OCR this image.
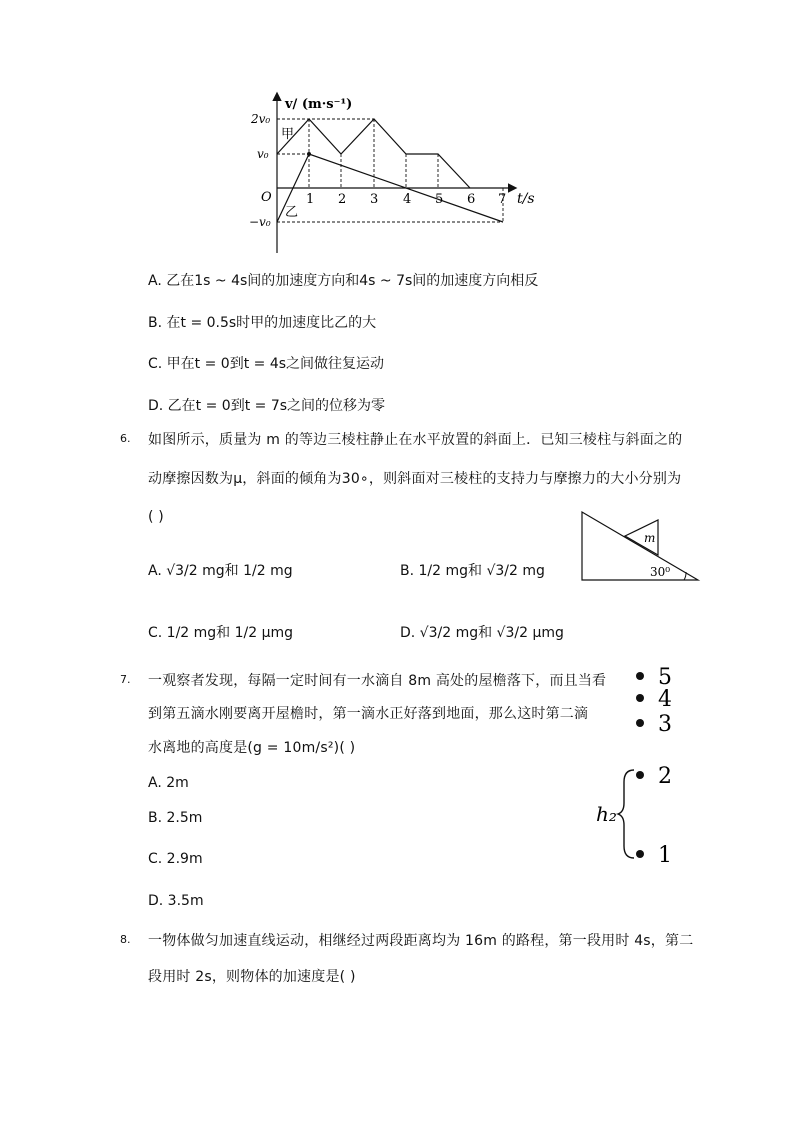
v/ (m·s⁻¹)
t/s
2v₀
v₀
O
−v₀
1 2 3 4 5 6 7
甲
乙
A. 乙在1s ~ 4s间的加速度方向和4s ~ 7s间的加速度方向相反
B. 在t = 0.5s时甲的加速度比乙的大
C. 甲在t = 0到t = 4s之间做往复运动
D. 乙在t = 0到t = 7s之间的位移为零
6. 如图所示，质量为 m 的等边三棱柱静止在水平放置的斜面上．已知三棱柱与斜面之的
动摩擦因数为μ，斜面的倾角为30∘，则斜面对三棱柱的支持力与摩擦力的大小分别为
( )
A. √3/2 mg和 1/2 mg	B. 1/2 mg和 √3/2 mg
C. 1/2 mg和 1/2 μmg	D. √3/2 mg和 √3/2 μmg
m
30⁰
7. 一观察者发现，每隔一定时间有一水滴自 8m 高处的屋檐落下，而且当看
到第五滴水刚要离开屋檐时，第一滴水正好落到地面，那么这时第二滴
水离地的高度是(g = 10m/s²)( )
A. 2m
B. 2.5m
C. 2.9m
D. 3.5m
5
4
3
2
1
h₂
8. 一物体做匀加速直线运动，相继经过两段距离均为 16m 的路程，第一段用时 4s，第二
段用时 2s，则物体的加速度是( )
